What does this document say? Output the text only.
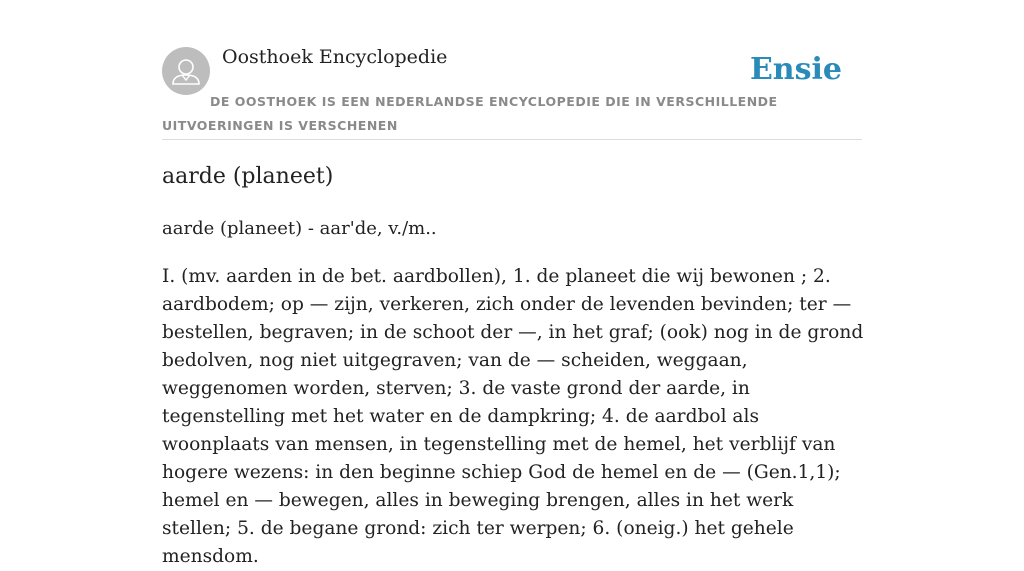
Oosthoek Encyclopedie	Ensie
DE OOSTHOEK IS EEN NEDERLANDSE ENCYCLOPEDIE DIE IN VERSCHILLENDE UITVOERINGEN IS VERSCHENEN
aarde (planeet)

aarde (planeet) - aar'de, v./m..

I. (mv. aarden in de bet. aardbollen), 1. de planeet die wij bewonen ; 2. aardbodem; op — zijn, verkeren, zich onder de levenden bevinden; ter — bestellen, begraven; in de schoot der —, in het graf; (ook) nog in de grond bedolven, nog niet uitgegraven; van de — scheiden, weggaan, weggenomen worden, sterven; 3. de vaste grond der aarde, in tegenstelling met het water en de dampkring; 4. de aardbol als woonplaats van mensen, in tegenstelling met de hemel, het verblijf van hogere wezens: in den beginne schiep God de hemel en de — (Gen.1,1); hemel en — bewegen, alles in beweging brengen, alles in het werk stellen; 5. de begane grond: zich ter werpen; 6. (oneig.) het gehele mensdom.
